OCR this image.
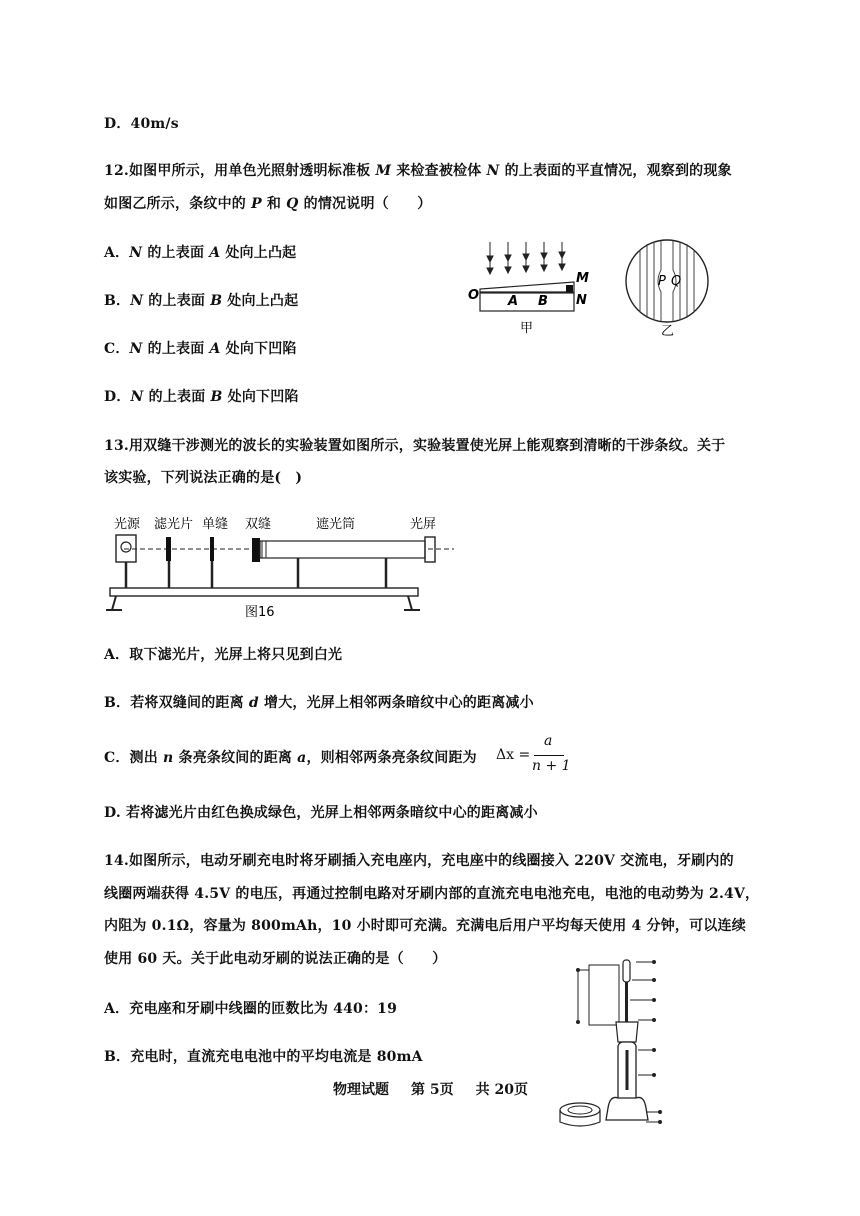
D．40m/s
12.如图甲所示，用单色光照射透明标准板 M 来检查被检体 N 的上表面的平直情况，观察到的现象
如图乙所示，条纹中的 P 和 Q 的情况说明（　　）
A．N 的上表面 A 处向上凸起
B．N 的上表面 B 处向上凸起
C．N 的上表面 A 处向下凹陷
D．N 的上表面 B 处向下凹陷
O
M
N
A B
甲
P Q
乙
13.用双缝干涉测光的波长的实验装置如图所示，实验装置使光屏上能观察到清晰的干涉条纹。关于
该实验，下列说法正确的是(　)
光源 滤光片 单缝 双缝	遮光筒	光屏
图16
A．取下滤光片，光屏上将只见到白光
B．若将双缝间的距离 d 增大，光屏上相邻两条暗纹中心的距离减小
C．测出 n 条亮条纹间的距离 a，则相邻两条亮条纹间距为 Δx =
a
n + 1
D. 若将滤光片由红色换成绿色，光屏上相邻两条暗纹中心的距离减小
14.如图所示，电动牙刷充电时将牙刷插入充电座内，充电座中的线圈接入 220V 交流电，牙刷内的
线圈两端获得 4.5V 的电压，再通过控制电路对牙刷内部的直流充电电池充电，电池的电动势为 2.4V，
内阻为 0.1Ω，容量为 800mAh，10 小时即可充满。充满电后用户平均每天使用 4 分钟，可以连续
使用 60 天。关于此电动牙刷的说法正确的是（　　）
A．充电座和牙刷中线圈的匝数比为 440：19
B．充电时，直流充电电池中的平均电流是 80mA
物理试题 第 5页 共 20页
